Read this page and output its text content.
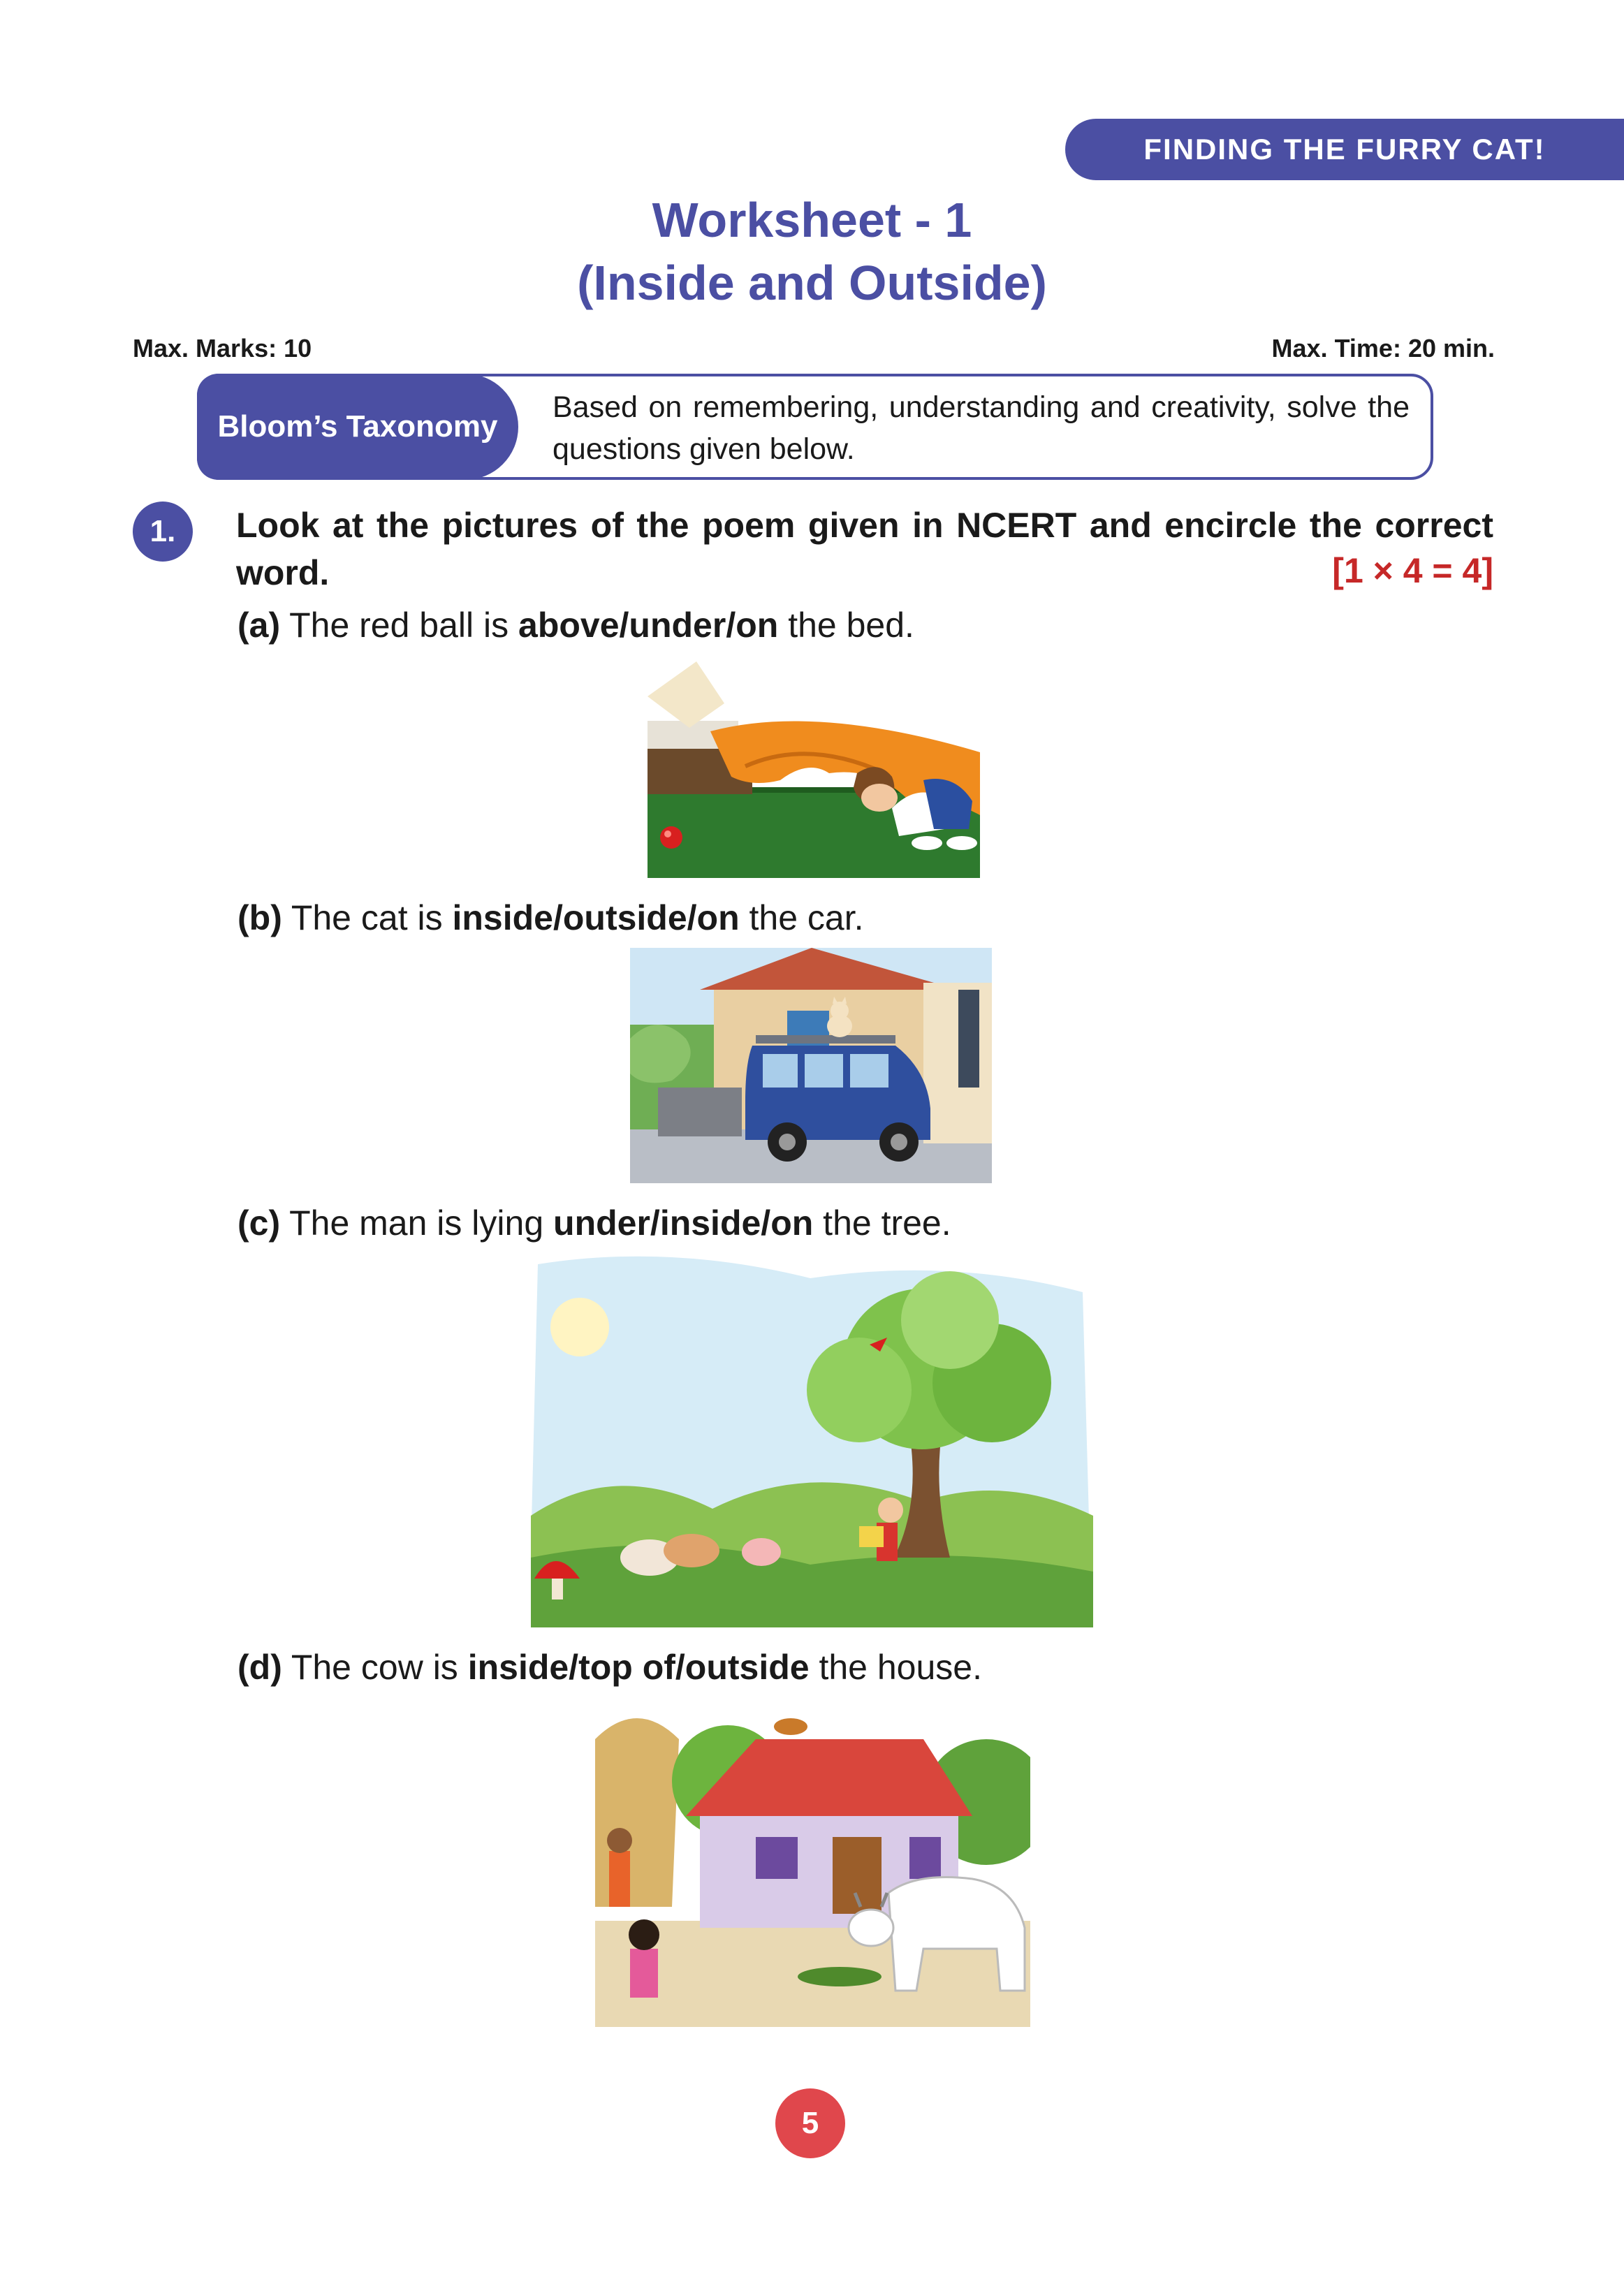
FINDING THE FURRY CAT!
Worksheet - 1
(Inside and Outside)
Max. Marks: 10	Max. Time: 20 min.
Bloom’s Taxonomy
Based on remembering, understanding and creativity, solve the questions given below.
1.	Look at the pictures of the poem given in NCERT and encircle the correct word.	[1 × 4 = 4]
(a) The red ball is above/under/on the bed.
(b) The cat is inside/outside/on the car.
(c) The man is lying under/inside/on the tree.
(d) The cow is inside/top of/outside the house.
5
